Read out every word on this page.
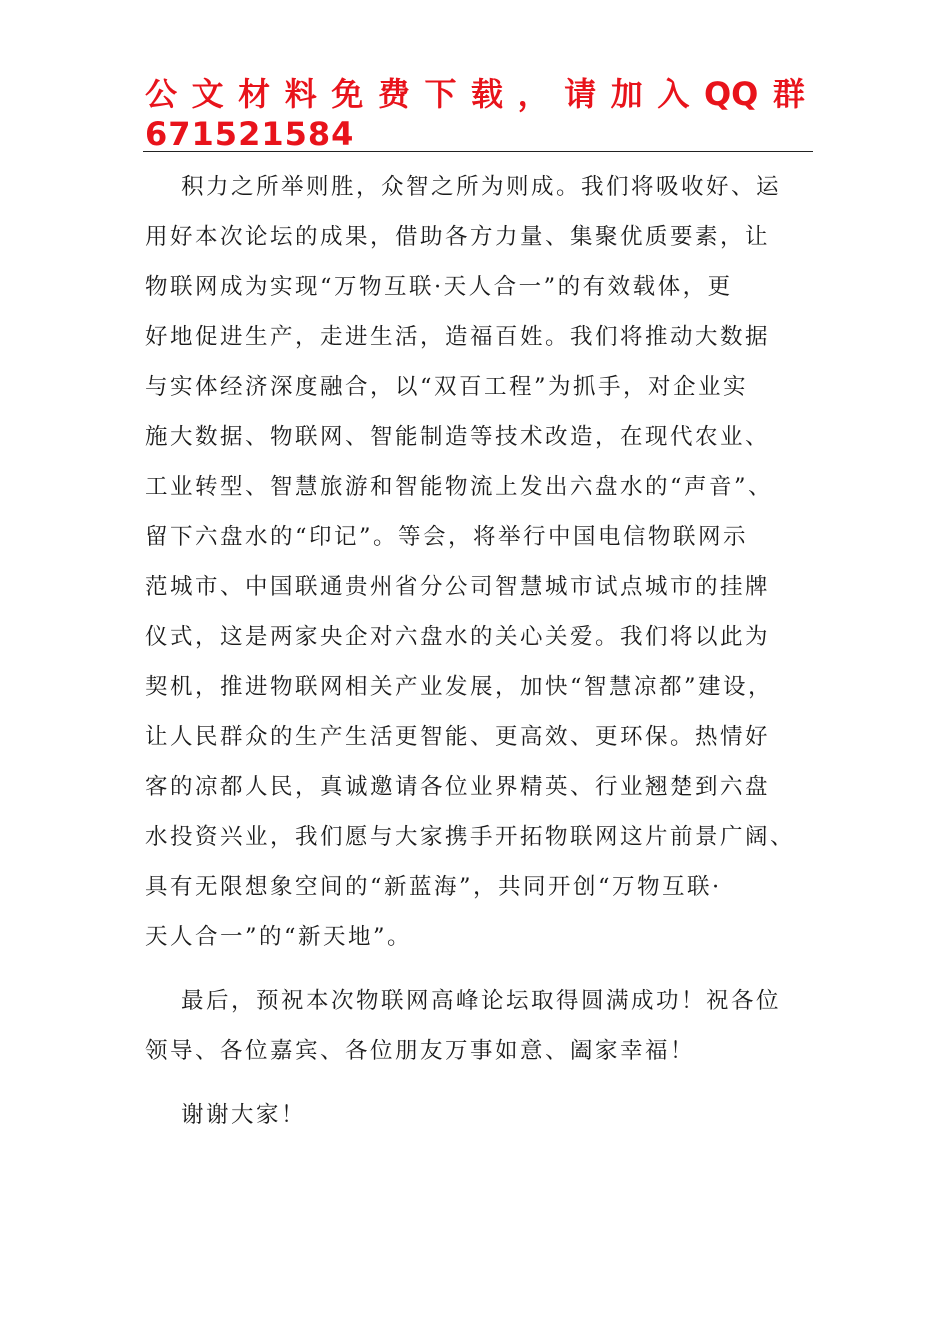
公 文 材 料 免 费 下 载 ， 请 加 入 QQ 群
671521584

积力之所举则胜，众智之所为则成。我们将吸收好、运
用好本次论坛的成果，借助各方力量、集聚优质要素，让
物联网成为实现“万物互联·天人合一”的有效载体，更
好地促进生产，走进生活，造福百姓。我们将推动大数据
与实体经济深度融合，以“双百工程”为抓手，对企业实
施大数据、物联网、智能制造等技术改造，在现代农业、
工业转型、智慧旅游和智能物流上发出六盘水的“声音”、
留下六盘水的“印记”。等会，将举行中国电信物联网示
范城市、中国联通贵州省分公司智慧城市试点城市的挂牌
仪式，这是两家央企对六盘水的关心关爱。我们将以此为
契机，推进物联网相关产业发展，加快“智慧凉都”建设，
让人民群众的生产生活更智能、更高效、更环保。热情好
客的凉都人民，真诚邀请各位业界精英、行业翘楚到六盘
水投资兴业，我们愿与大家携手开拓物联网这片前景广阔、
具有无限想象空间的“新蓝海”，共同开创“万物互联·
天人合一”的“新天地”。

最后，预祝本次物联网高峰论坛取得圆满成功！祝各位
领导、各位嘉宾、各位朋友万事如意、阖家幸福！

谢谢大家！
